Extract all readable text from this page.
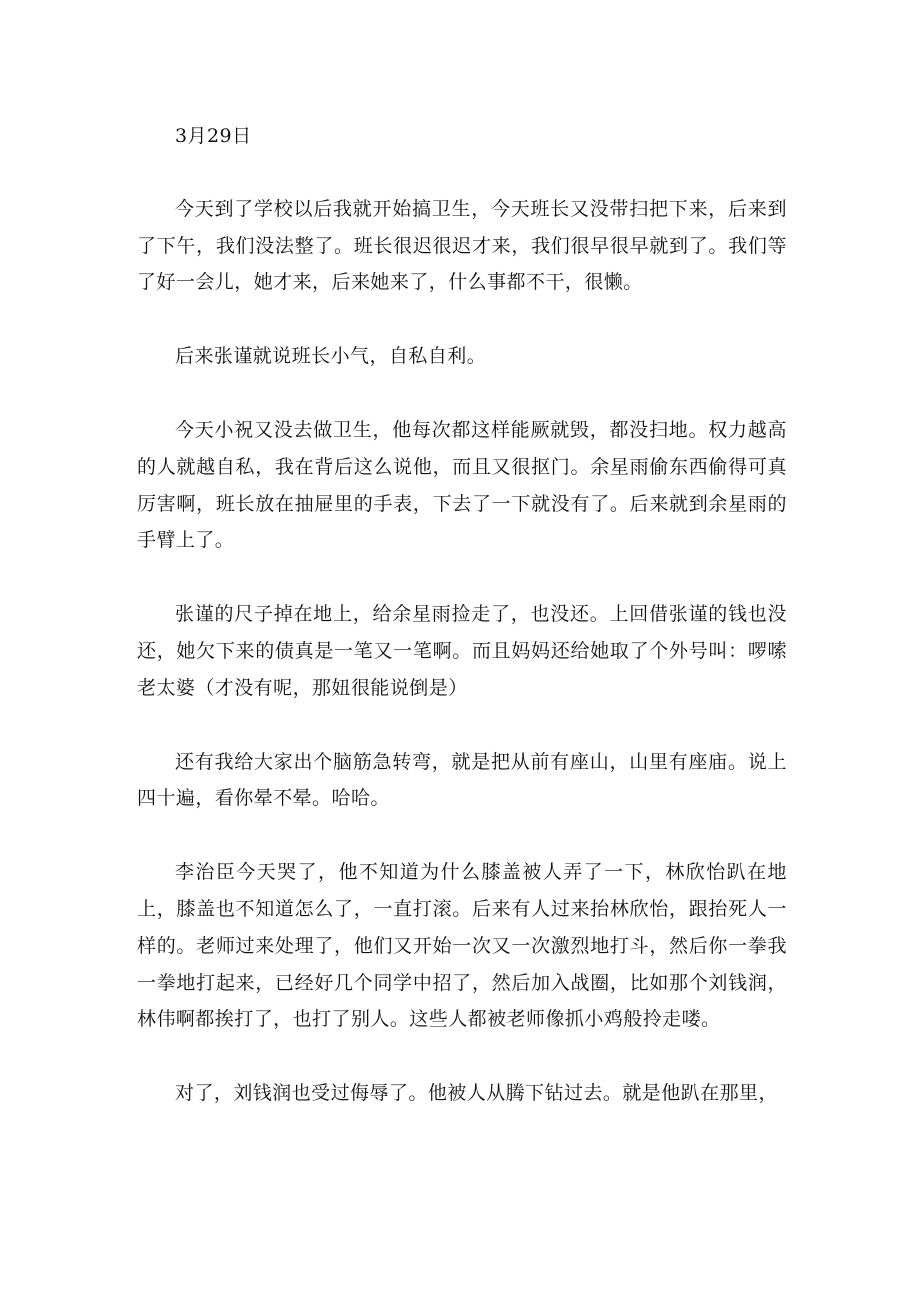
3月29日

今天到了学校以后我就开始搞卫生，今天班长又没带扫把下来，后来到了下午，我们没法整了。班长很迟很迟才来，我们很早很早就到了。我们等了好一会儿，她才来，后来她来了，什么事都不干，很懒。

后来张谨就说班长小气，自私自利。

今天小祝又没去做卫生，他每次都这样能厥就毁，都没扫地。权力越高的人就越自私，我在背后这么说他，而且又很抠门。余星雨偷东西偷得可真厉害啊，班长放在抽屉里的手表，下去了一下就没有了。后来就到余星雨的手臂上了。

张谨的尺子掉在地上，给余星雨捡走了，也没还。上回借张谨的钱也没还，她欠下来的债真是一笔又一笔啊。而且妈妈还给她取了个外号叫：啰嗦老太婆（才没有呢，那妞很能说倒是）

还有我给大家出个脑筋急转弯，就是把从前有座山，山里有座庙。说上四十遍，看你晕不晕。哈哈。

李治臣今天哭了，他不知道为什么膝盖被人弄了一下，林欣怡趴在地上，膝盖也不知道怎么了，一直打滚。后来有人过来抬林欣怡，跟抬死人一样的。老师过来处理了，他们又开始一次又一次激烈地打斗，然后你一拳我一拳地打起来，已经好几个同学中招了，然后加入战圈，比如那个刘钱润，林伟啊都挨打了，也打了别人。这些人都被老师像抓小鸡般拎走喽。

对了，刘钱润也受过侮辱了。他被人从腾下钻过去。就是他趴在那里，
